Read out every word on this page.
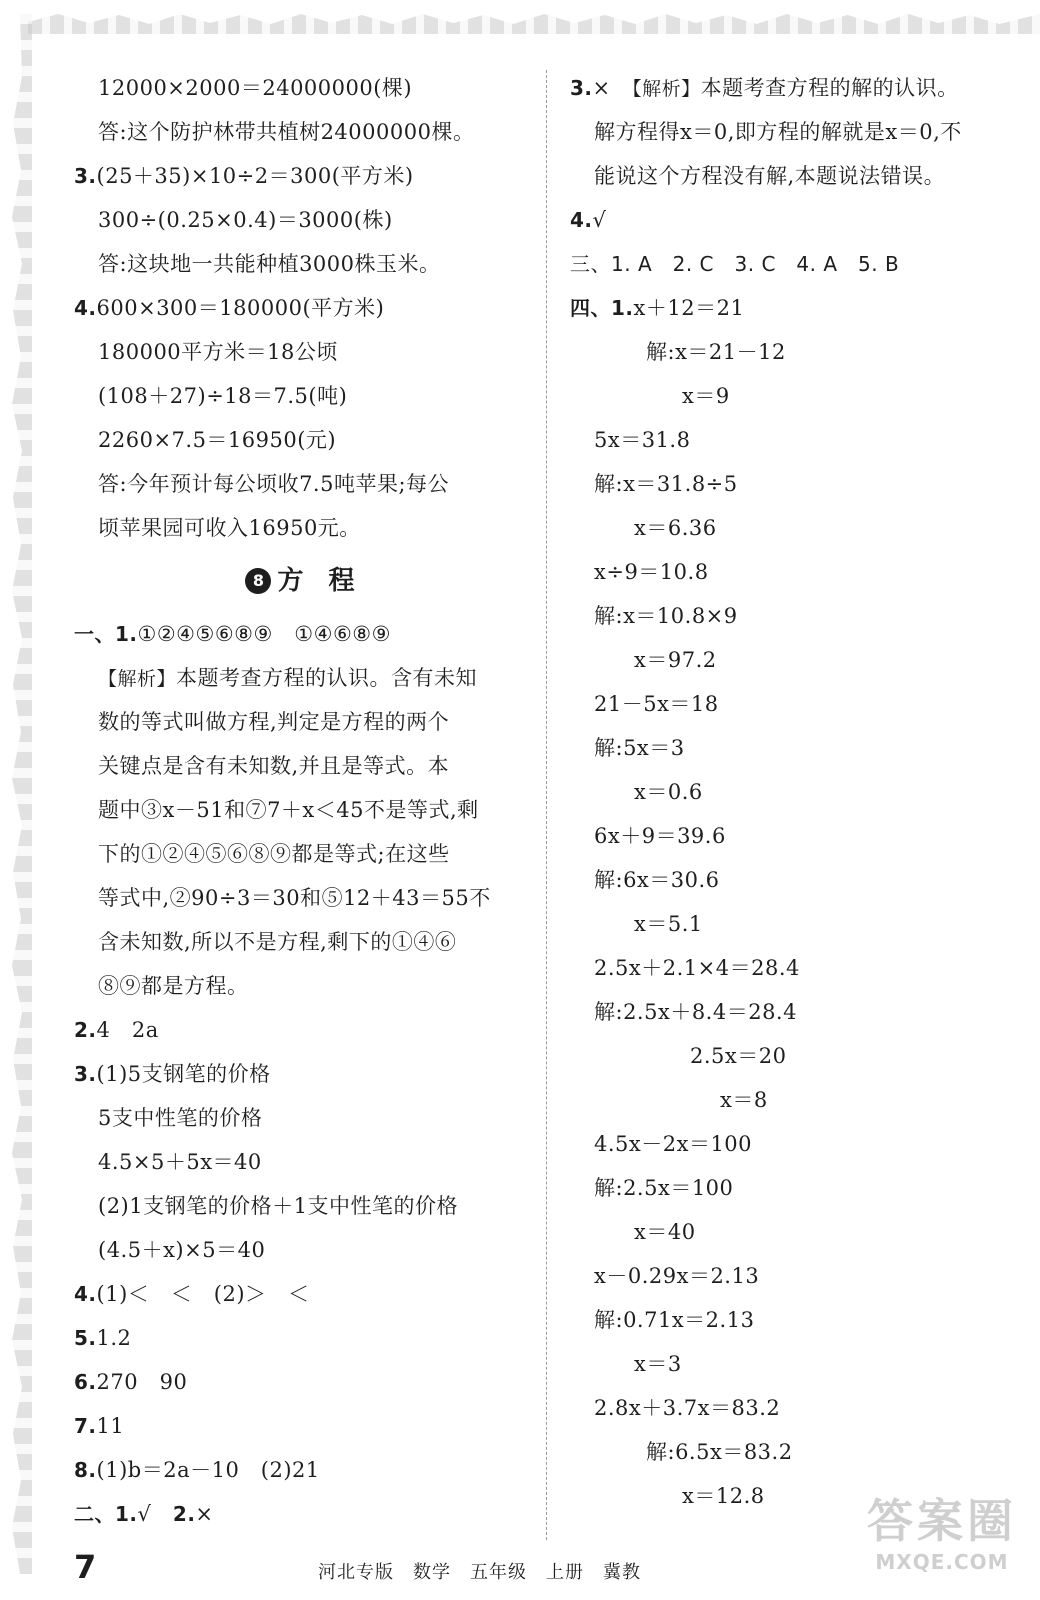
12000×2000＝24000000(棵)
答:这个防护林带共植树24000000棵。
3.(25＋35)×10÷2＝300(平方米)
300÷(0.25×0.4)＝3000(株)
答:这块地一共能种植3000株玉米。
4.600×300＝180000(平方米)
180000平方米＝18公顷
(108＋27)÷18＝7.5(吨)
2260×7.5＝16950(元)
答:今年预计每公顷收7.5吨苹果;每公
顷苹果园可收入16950元。
8 方 程
一、1.①②④⑤⑥⑧⑨　①④⑥⑧⑨
【解析】本题考查方程的认识。含有未知
数的等式叫做方程,判定是方程的两个
关键点是含有未知数,并且是等式。本
题中③x－51和⑦7＋x＜45不是等式,剩
下的①②④⑤⑥⑧⑨都是等式;在这些
等式中,②90÷3＝30和⑤12＋43＝55不
含未知数,所以不是方程,剩下的①④⑥
⑧⑨都是方程。
2.4　2a
3.(1)5支钢笔的价格
5支中性笔的价格
4.5×5＋5x＝40
(2)1支钢笔的价格＋1支中性笔的价格
(4.5＋x)×5＝40
4.(1)＜　＜　(2)＞　＜
5.1.2
6.270　90
7.11
8.(1)b＝2a－10　(2)21
二、1.√　2.×
3.×　【解析】本题考查方程的解的认识。
解方程得x＝0,即方程的解就是x＝0,不
能说这个方程没有解,本题说法错误。
4.√
三、1. A　2. C　3. C　4. A　5. B
四、1.x＋12＝21
解:x＝21－12
x＝9
5x＝31.8
解:x＝31.8÷5
x＝6.36
x÷9＝10.8
解:x＝10.8×9
x＝97.2
21－5x＝18
解:5x＝3
x＝0.6
6x＋9＝39.6
解:6x＝30.6
x＝5.1
2.5x＋2.1×4＝28.4
解:2.5x＋8.4＝28.4
2.5x＝20
x＝8
4.5x－2x＝100
解:2.5x＝100
x＝40
x－0.29x＝2.13
解:0.71x＝2.13
x＝3
2.8x＋3.7x＝83.2
解:6.5x＝83.2
x＝12.8
7	河北专版　数学　五年级　上册　冀教
答案圈
MXQE.COM
